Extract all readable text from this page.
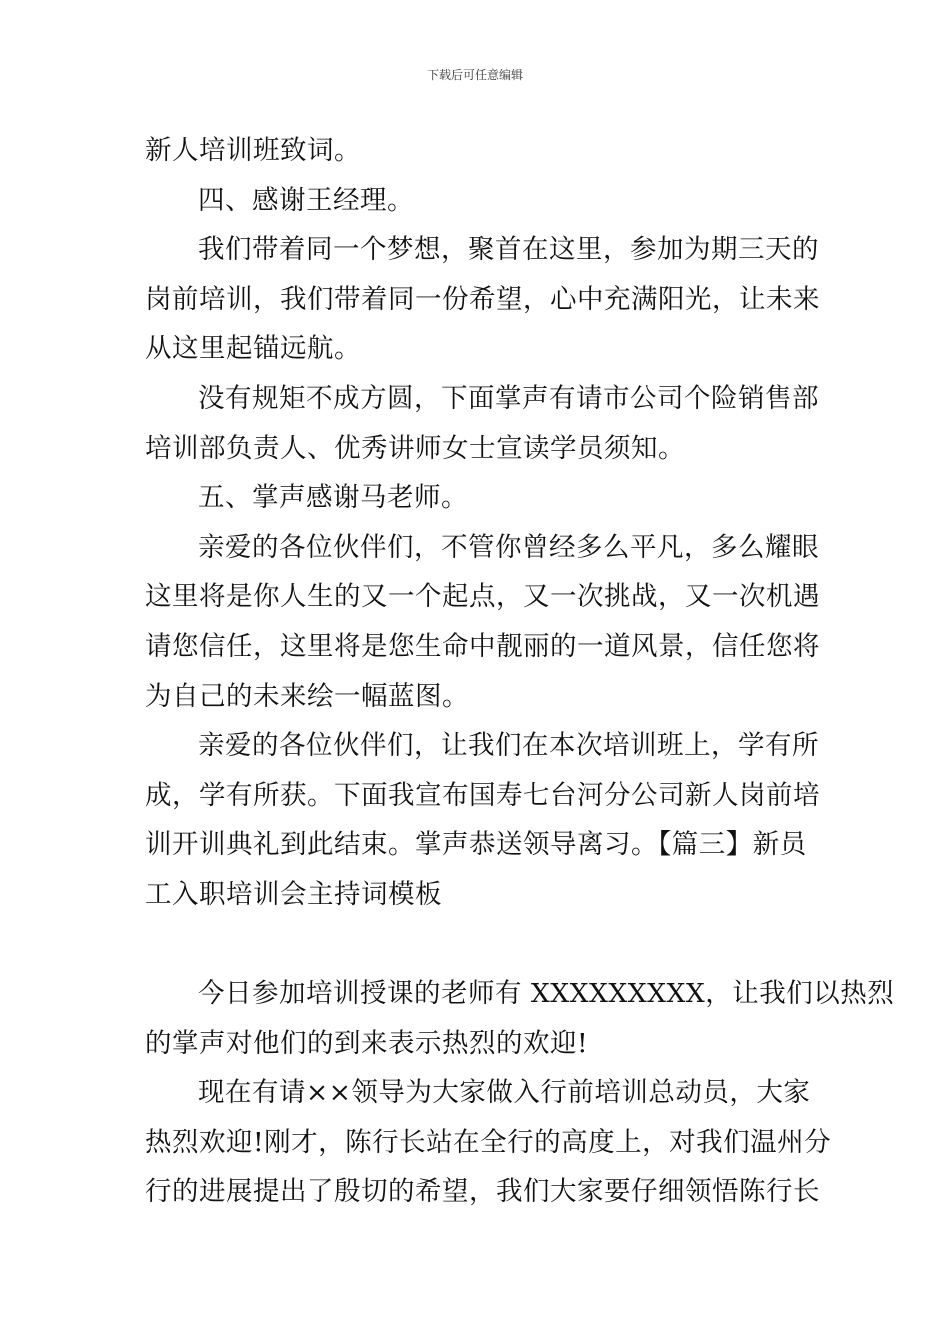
下载后可任意编辑
新人培训班致词。
四、感谢王经理。
我们带着同一个梦想，聚首在这里，参加为期三天的
岗前培训，我们带着同一份希望，心中充满阳光，让未来
从这里起锚远航。
没有规矩不成方圆，下面掌声有请市公司个险销售部
培训部负责人、优秀讲师女士宣读学员须知。
五、掌声感谢马老师。
亲爱的各位伙伴们，不管你曾经多么平凡，多么耀眼
这里将是你人生的又一个起点，又一次挑战，又一次机遇
请您信任，这里将是您生命中靓丽的一道风景，信任您将
为自己的未来绘一幅蓝图。
亲爱的各位伙伴们，让我们在本次培训班上，学有所
成，学有所获。下面我宣布国寿七台河分公司新人岗前培
训开训典礼到此结束。掌声恭送领导离习。【篇三】新员
工入职培训会主持词模板
今日参加培训授课的老师有 XXXXXXXXX，让我们以热烈
的掌声对他们的到来表示热烈的欢迎!
现在有请××领导为大家做入行前培训总动员，大家
热烈欢迎!刚才，陈行长站在全行的高度上，对我们温州分
行的进展提出了殷切的希望，我们大家要仔细领悟陈行长
